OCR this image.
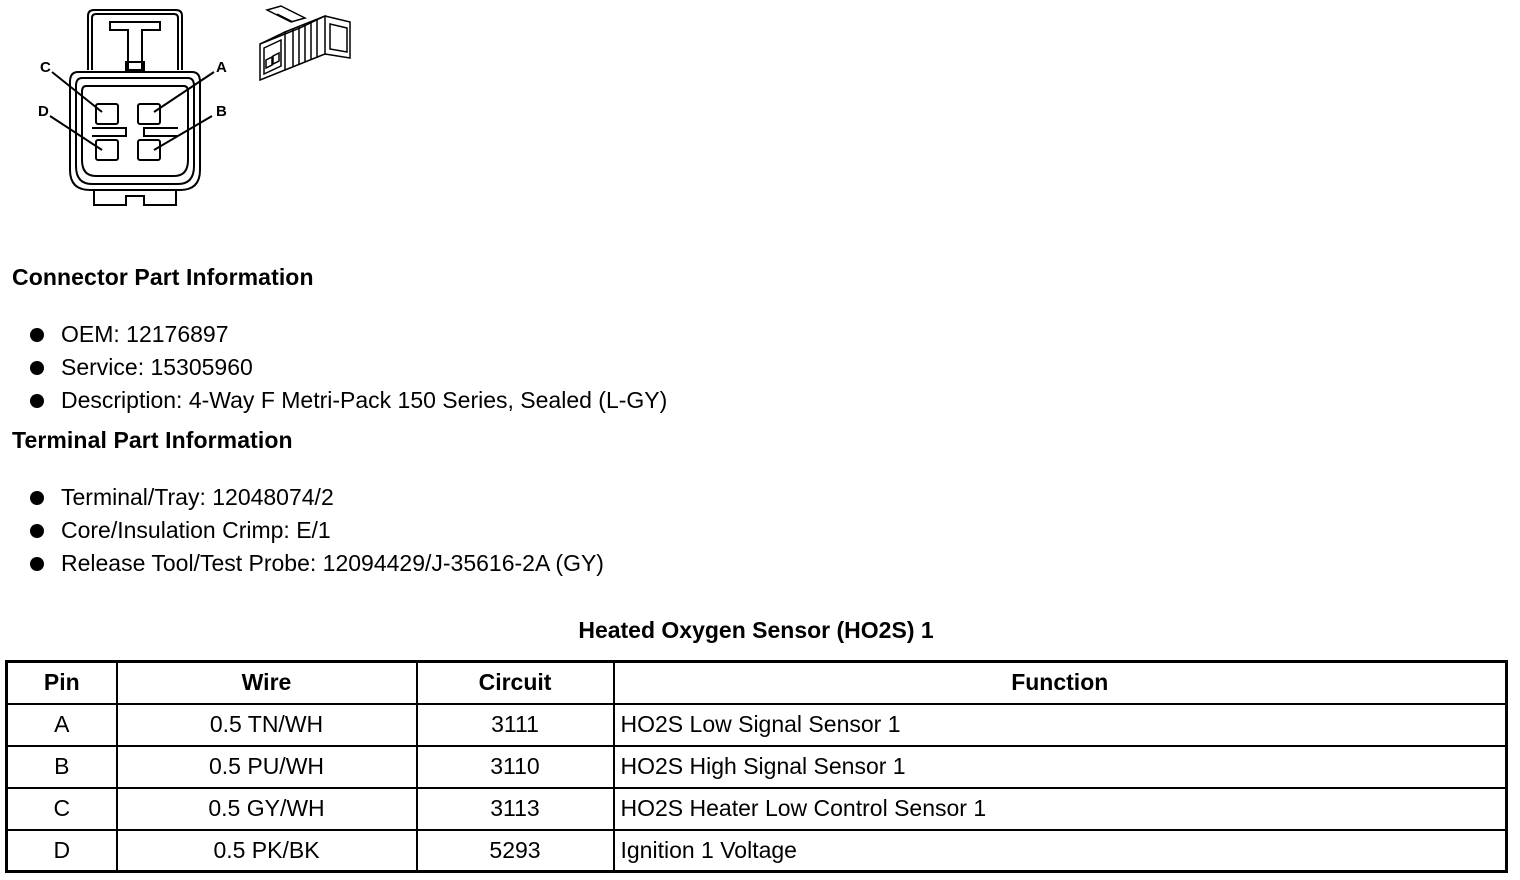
C	A
D	B
Connector Part Information
OEM: 12176897
Service: 15305960
Description: 4-Way F Metri-Pack 150 Series, Sealed (L-GY)
Terminal Part Information
Terminal/Tray: 12048074/2
Core/Insulation Crimp: E/1
Release Tool/Test Probe: 12094429/J-35616-2A (GY)
Heated Oxygen Sensor (HO2S) 1
Pin	Wire	Circuit	Function
A	0.5 TN/WH	3111	HO2S Low Signal Sensor 1
B	0.5 PU/WH	3110	HO2S High Signal Sensor 1
C	0.5 GY/WH	3113	HO2S Heater Low Control Sensor 1
D	0.5 PK/BK	5293	Ignition 1 Voltage
